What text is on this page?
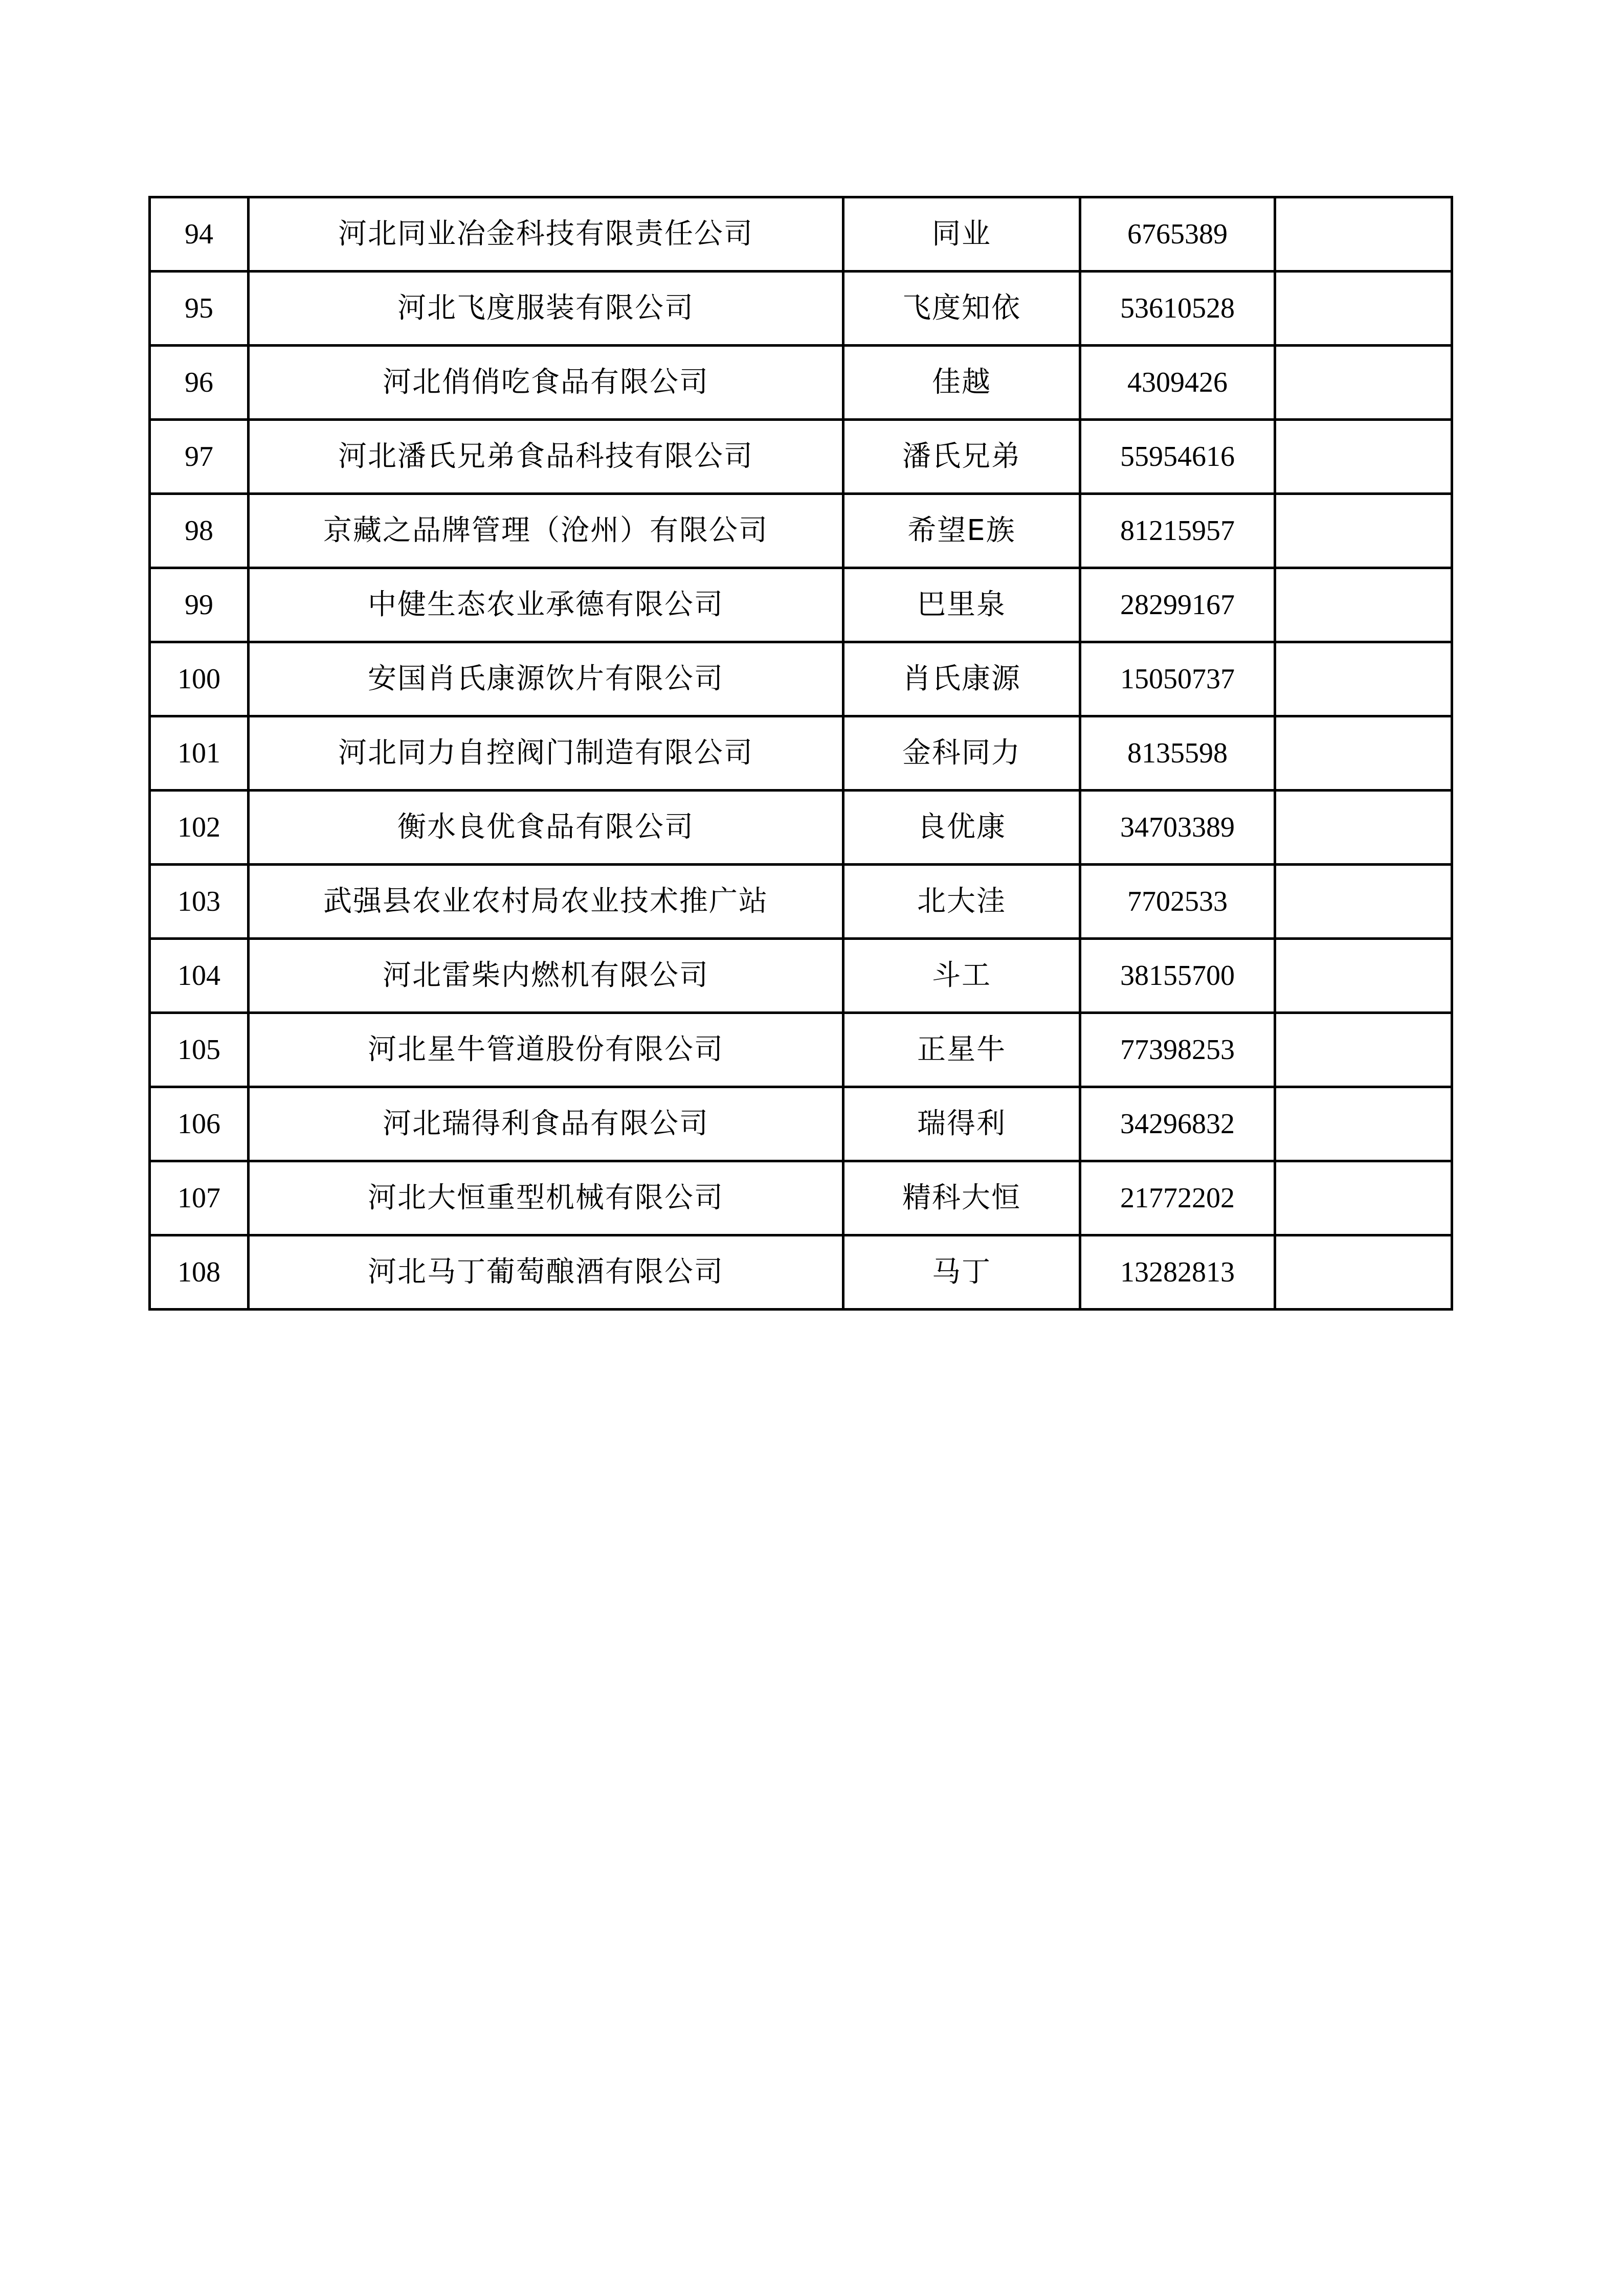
94	河北同业冶金科技有限责任公司	同业	6765389	
95	河北飞度服装有限公司	飞度知依	53610528	
96	河北俏俏吃食品有限公司	佳越	4309426	
97	河北潘氏兄弟食品科技有限公司	潘氏兄弟	55954616	
98	京藏之品牌管理（沧州）有限公司	希望E族	81215957	
99	中健生态农业承德有限公司	巴里泉	28299167	
100	安国肖氏康源饮片有限公司	肖氏康源	15050737	
101	河北同力自控阀门制造有限公司	金科同力	8135598	
102	衡水良优食品有限公司	良优康	34703389	
103	武强县农业农村局农业技术推广站	北大洼	7702533	
104	河北雷柴内燃机有限公司	斗工	38155700	
105	河北星牛管道股份有限公司	正星牛	77398253	
106	河北瑞得利食品有限公司	瑞得利	34296832	
107	河北大恒重型机械有限公司	精科大恒	21772202	
108	河北马丁葡萄酿酒有限公司	马丁	13282813	
